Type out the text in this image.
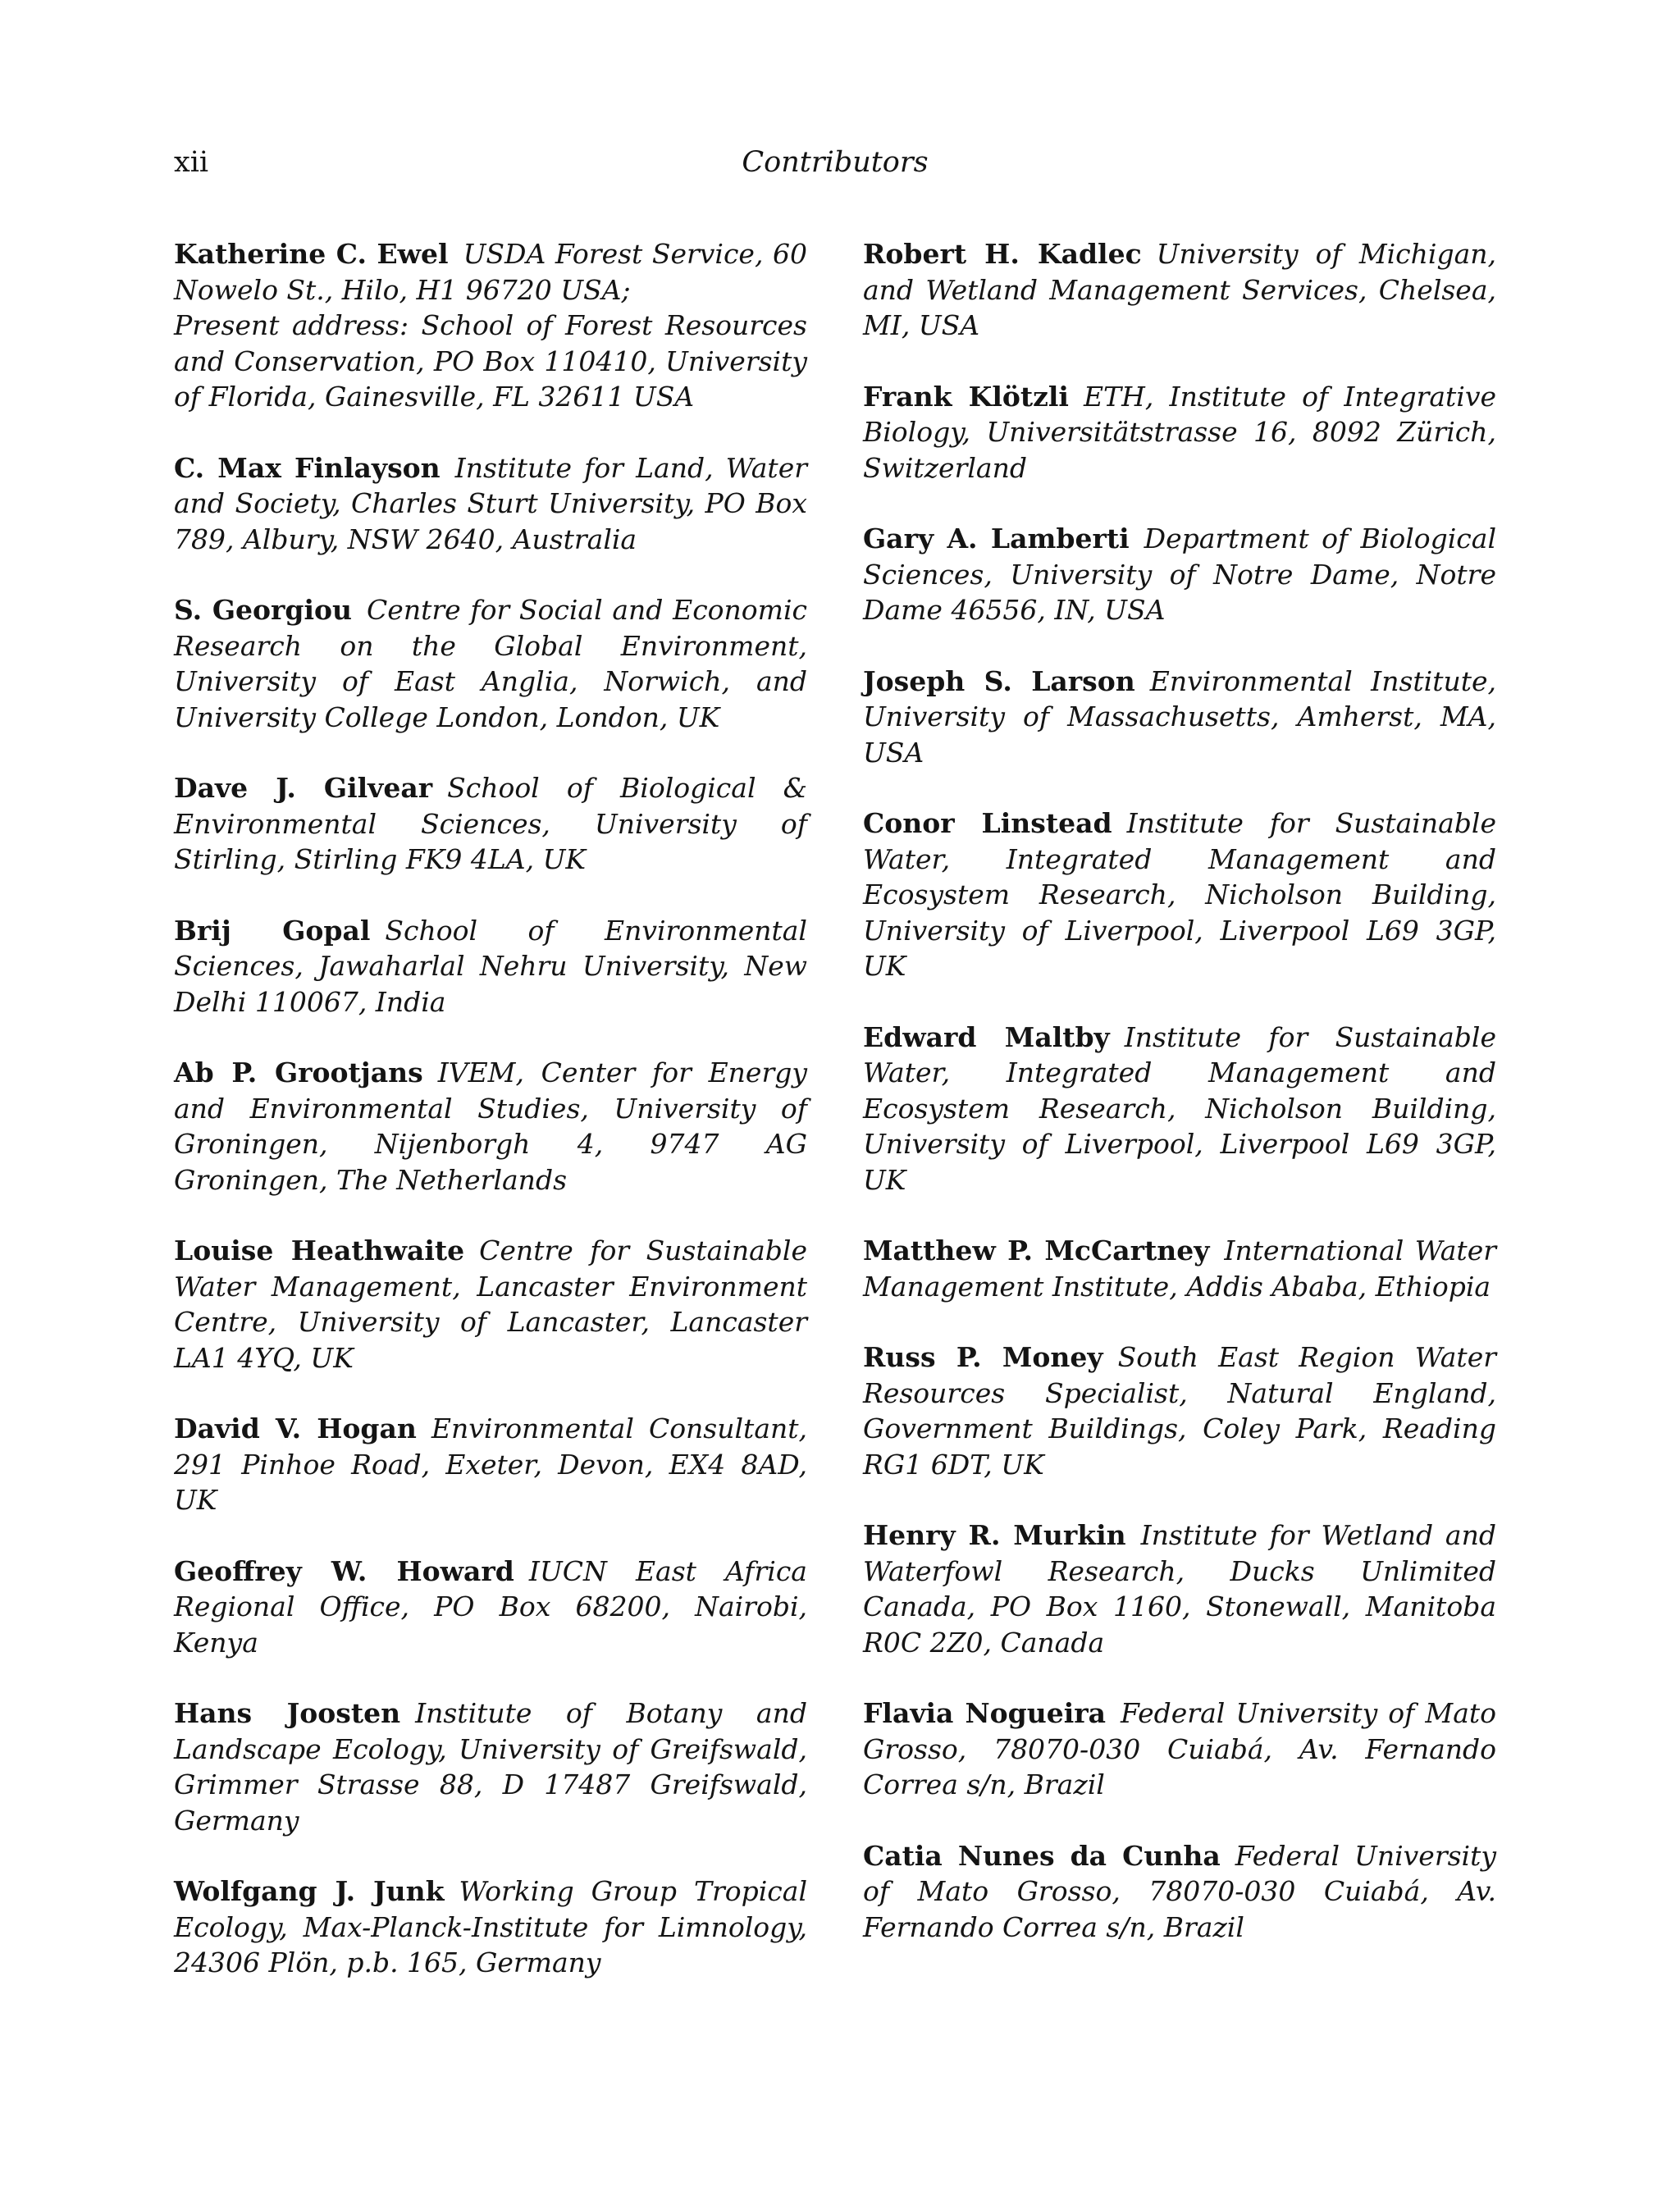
xii	Contributors

Katherine C. Ewel USDA Forest Service, 60 Nowelo St., Hilo, H1 96720 USA;
Present address: School of Forest Resources and Conservation, PO Box 110410, University of Florida, Gainesville, FL 32611 USA

C. Max Finlayson Institute for Land, Water and Society, Charles Sturt University, PO Box 789, Albury, NSW 2640, Australia

S. Georgiou Centre for Social and Economic Research on the Global Environment, University of East Anglia, Norwich, and University College London, London, UK

Dave J. Gilvear School of Biological & Environmental Sciences, University of Stirling, Stirling FK9 4LA, UK

Brij Gopal School of Environmental Sciences, Jawaharlal Nehru University, New Delhi 110067, India

Ab P. Grootjans IVEM, Center for Energy and Environmental Studies, University of Groningen, Nijenborgh 4, 9747 AG Groningen, The Netherlands

Louise Heathwaite Centre for Sustainable Water Management, Lancaster Environment Centre, University of Lancaster, Lancaster LA1 4YQ, UK

David V. Hogan Environmental Consultant, 291 Pinhoe Road, Exeter, Devon, EX4 8AD, UK

Geoffrey W. Howard IUCN East Africa Regional Office, PO Box 68200, Nairobi, Kenya

Hans Joosten Institute of Botany and Landscape Ecology, University of Greifswald, Grimmer Strasse 88, D 17487 Greifswald, Germany

Wolfgang J. Junk Working Group Tropical Ecology, Max-Planck-Institute for Limnology, 24306 Plön, p.b. 165, Germany

Robert H. Kadlec University of Michigan, and Wetland Management Services, Chelsea, MI, USA

Frank Klötzli ETH, Institute of Integrative Biology, Universitätstrasse 16, 8092 Zürich, Switzerland

Gary A. Lamberti Department of Biological Sciences, University of Notre Dame, Notre Dame 46556, IN, USA

Joseph S. Larson Environmental Institute, University of Massachusetts, Amherst, MA, USA

Conor Linstead Institute for Sustainable Water, Integrated Management and Ecosystem Research, Nicholson Building, University of Liverpool, Liverpool L69 3GP, UK

Edward Maltby Institute for Sustainable Water, Integrated Management and Ecosystem Research, Nicholson Building, University of Liverpool, Liverpool L69 3GP, UK

Matthew P. McCartney International Water Management Institute, Addis Ababa, Ethiopia

Russ P. Money South East Region Water Resources Specialist, Natural England, Government Buildings, Coley Park, Reading RG1 6DT, UK

Henry R. Murkin Institute for Wetland and Waterfowl Research, Ducks Unlimited Canada, PO Box 1160, Stonewall, Manitoba R0C 2Z0, Canada

Flavia Nogueira Federal University of Mato Grosso, 78070-030 Cuiabá, Av. Fernando Correa s/n, Brazil

Catia Nunes da Cunha Federal University of Mato Grosso, 78070-030 Cuiabá, Av. Fernando Correa s/n, Brazil
